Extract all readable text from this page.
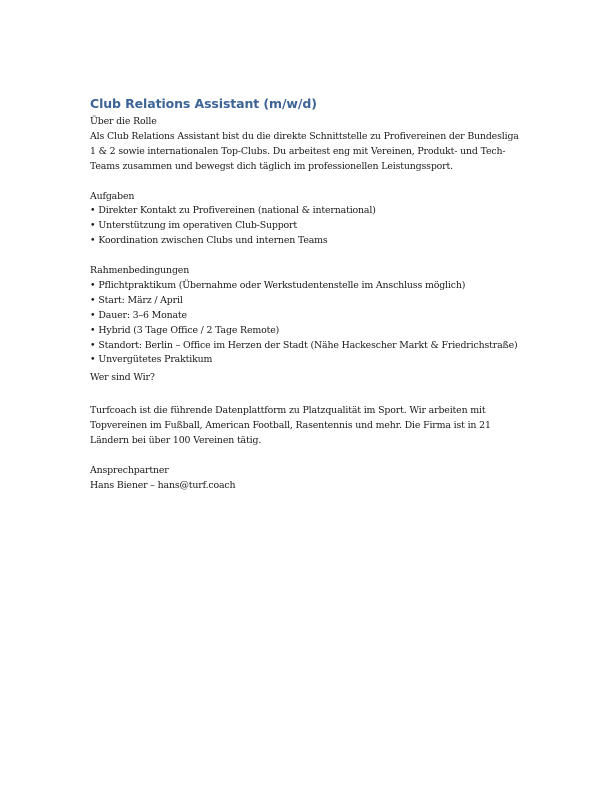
Club Relations Assistant (m/w/d)
Über die Rolle
Als Club Relations Assistant bist du die direkte Schnittstelle zu Profivereinen der Bundesliga
1 & 2 sowie internationalen Top-Clubs. Du arbeitest eng mit Vereinen, Produkt- und Tech-
Teams zusammen und bewegst dich täglich im professionellen Leistungssport.
Aufgaben
• Direkter Kontakt zu Profivereinen (national & international)
• Unterstützung im operativen Club-Support
• Koordination zwischen Clubs und internen Teams
Rahmenbedingungen
• Pflichtpraktikum (Übernahme oder Werkstudentenstelle im Anschluss möglich)
• Start: März / April
• Dauer: 3–6 Monate
• Hybrid (3 Tage Office / 2 Tage Remote)
• Standort: Berlin – Office im Herzen der Stadt (Nähe Hackescher Markt & Friedrichstraße)
• Unvergütetes Praktikum
Wer sind Wir?
Turfcoach ist die führende Datenplattform zu Platzqualität im Sport. Wir arbeiten mit
Topvereinen im Fußball, American Football, Rasentennis und mehr. Die Firma ist in 21
Ländern bei über 100 Vereinen tätig.
Ansprechpartner
Hans Biener – hans@turf.coach
